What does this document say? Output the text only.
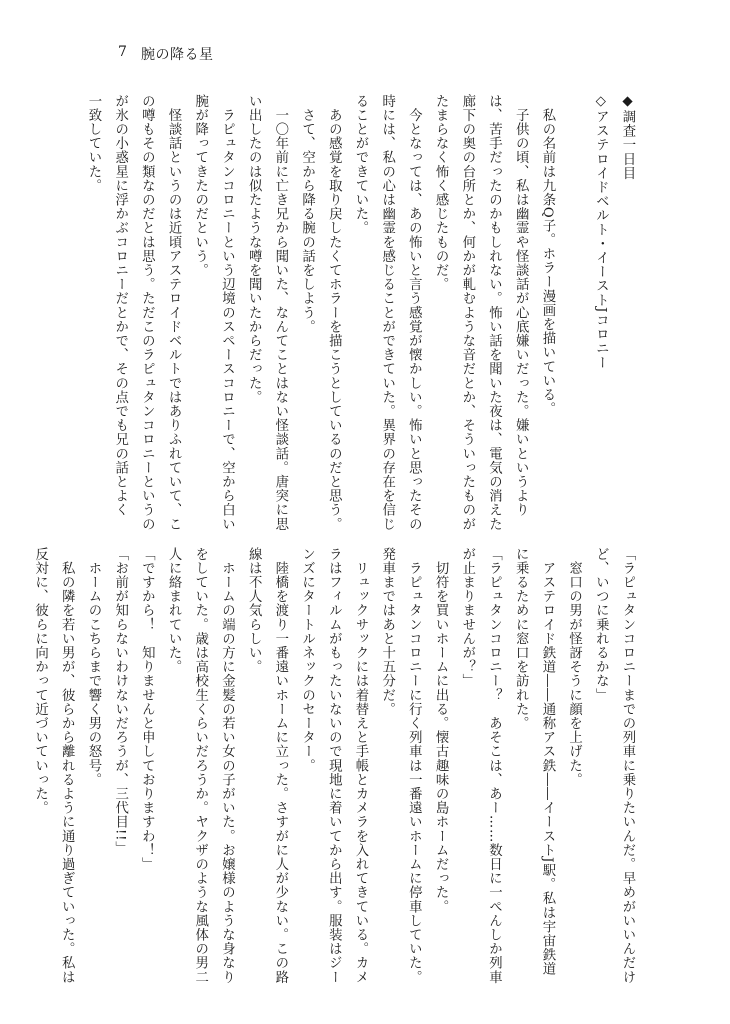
7 腕の降る星
◆調査一日目
◇アステロイドベルト・イーストJコロニー

　私の名前は九条Q子。ホラー漫画を描いている。
　子供の頃、私は幽霊や怪談話が心底嫌いだった。嫌いというより
は、苦手だったのかもしれない。怖い話を聞いた夜は、電気の消えた
廊下の奥の台所とか、何かが軋むような音だとか、そういったものが
たまらなく怖く感じたものだ。
　今となっては、あの怖いと言う感覚が懐かしい。怖いと思ったその
時には、私の心は幽霊を感じることができていた。異界の存在を信じ
ることができていた。
　あの感覚を取り戻したくてホラーを描こうとしているのだと思う。
　さて、空から降る腕の話をしよう。
　一〇年前に亡き兄から聞いた、なんてことはない怪談話。唐突に思
い出したのは似たような噂を聞いたからだった。
　ラピュタンコロニーという辺境のスペースコロニーで、空から白い
腕が降ってきたのだという。
　怪談話というのは近頃アステロイドベルトではありふれていて、こ
の噂もその類なのだとは思う。ただこのラピュタンコロニーというの
が氷の小惑星に浮かぶコロニーだとかで、その点でも兄の話とよく
一致していた。
「ラピュタンコロニーまでの列車に乗りたいんだ。早めがいいんだけ
ど、いつに乗れるかな」
　窓口の男が怪訝そうに顔を上げた。
　アステロイド鉄道――通称アス鉄――イーストJ駅。私は宇宙鉄道
に乗るために窓口を訪れた。
「ラピュタンコロニー？　あそこは、あー……数日に一ぺんしか列車
が止まりませんが？」
　切符を買いホームに出る。懐古趣味の島ホームだった。
　ラピュタンコロニーに行く列車は一番遠いホームに停車していた。
発車まではあと十五分だ。
　リュックサックには着替えと手帳とカメラを入れてきている。カメ
ラはフィルムがもったいないので現地に着いてから出す。服装はジー
ンズにタートルネックのセーター。
　陸橋を渡り一番遠いホームに立った。さすがに人が少ない。この路
線は不人気らしい。
　ホームの端の方に金髪の若い女の子がいた。お嬢様のような身なり
をしていた。歳は高校生くらいだろうか。ヤクザのような風体の男二
人に絡まれていた。
「ですから！　知りませんと申しておりますわ！」
「お前が知らないわけないだろうが、三代目!!」
　ホームのこちらまで響く男の怒号。
　私の隣を若い男が、彼らから離れるように通り過ぎていった。私は
反対に、彼らに向かって近づいていった。
